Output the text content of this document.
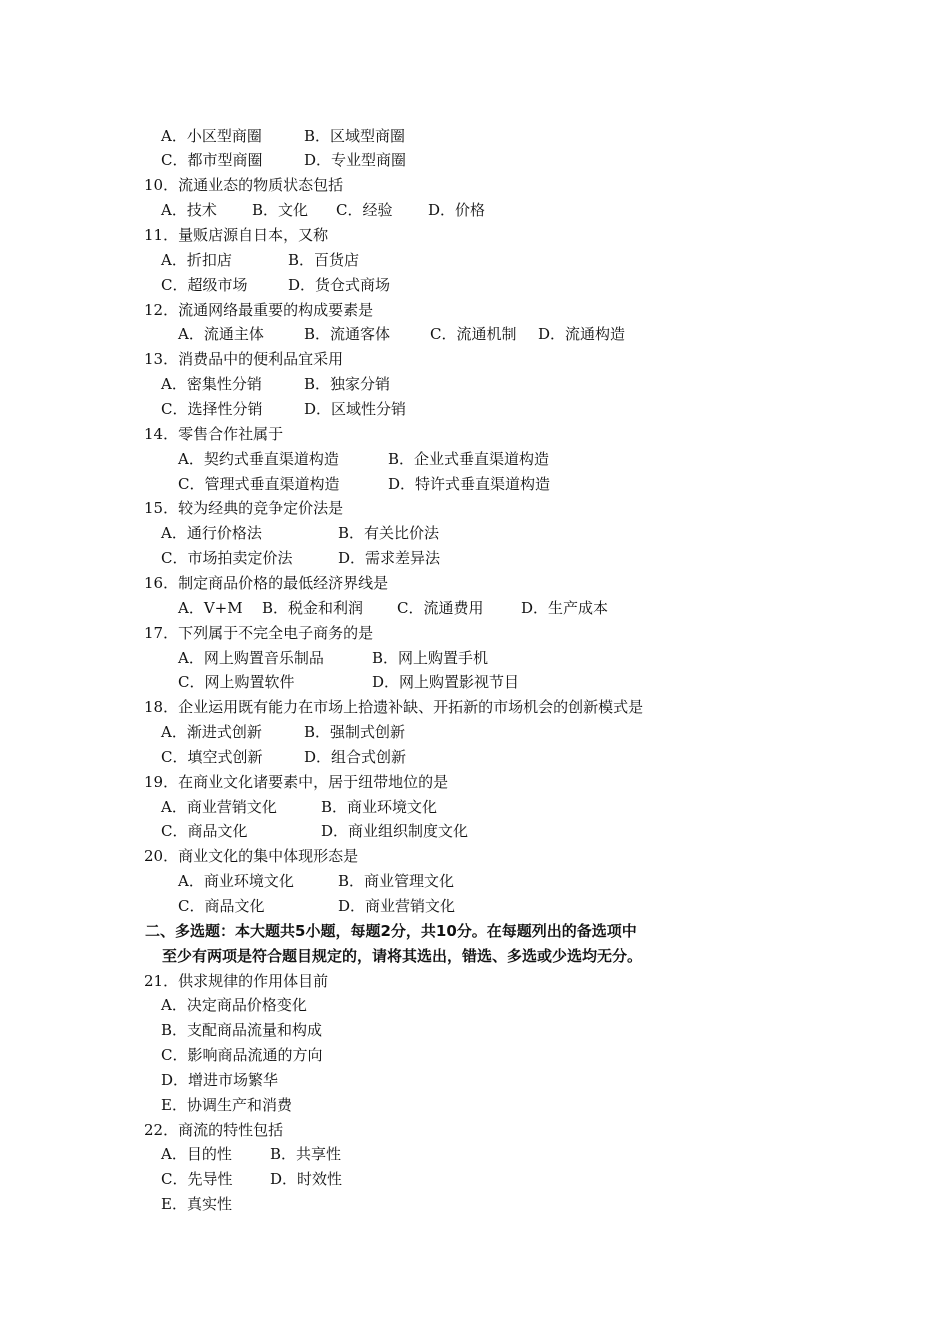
A．小区型商圈	B．区域型商圈
C．都市型商圈	D．专业型商圈
10．流通业态的物质状态包括
A．技术 B．文化 C．经验 D．价格
11．量贩店源自日本，又称
A．折扣店	B．百货店
C．超级市场	D．货仓式商场
12．流通网络最重要的构成要素是
A．流通主体	B．流通客体	C．流通机制 D．流通构造
13．消费品中的便利品宜采用
A．密集性分销	B．独家分销
C．选择性分销	D．区域性分销
14．零售合作社属于
A．契约式垂直渠道构造	B．企业式垂直渠道构造
C．管理式垂直渠道构造	D．特许式垂直渠道构造
15．较为经典的竞争定价法是
A．通行价格法	B．有关比价法
C．市场拍卖定价法	D．需求差异法
16．制定商品价格的最低经济界线是
A．V+M B．税金和利润 C．流通费用	D．生产成本
17．下列属于不完全电子商务的是
A．网上购置音乐制品	B．网上购置手机
C．网上购置软件	D．网上购置影视节目
18．企业运用既有能力在市场上拾遗补缺、开拓新的市场机会的创新模式是
A．渐进式创新	B．强制式创新
C．填空式创新	D．组合式创新
19．在商业文化诸要素中，居于纽带地位的是
A．商业营销文化	B．商业环境文化
C．商品文化	D．商业组织制度文化
20．商业文化的集中体现形态是
A．商业环境文化	B．商业管理文化
C．商品文化	D．商业营销文化
二、多选题：本大题共5小题，每题2分，共10分。在每题列出的备选项中
至少有两项是符合题目规定的，请将其选出，错选、多选或少选均无分。
21．供求规律的作用体目前
A．决定商品价格变化
B．支配商品流量和构成
C．影响商品流通的方向
D．增进市场繁华
E．协调生产和消费
22．商流的特性包括
A．目的性	B．共享性
C．先导性	D．时效性
E．真实性
